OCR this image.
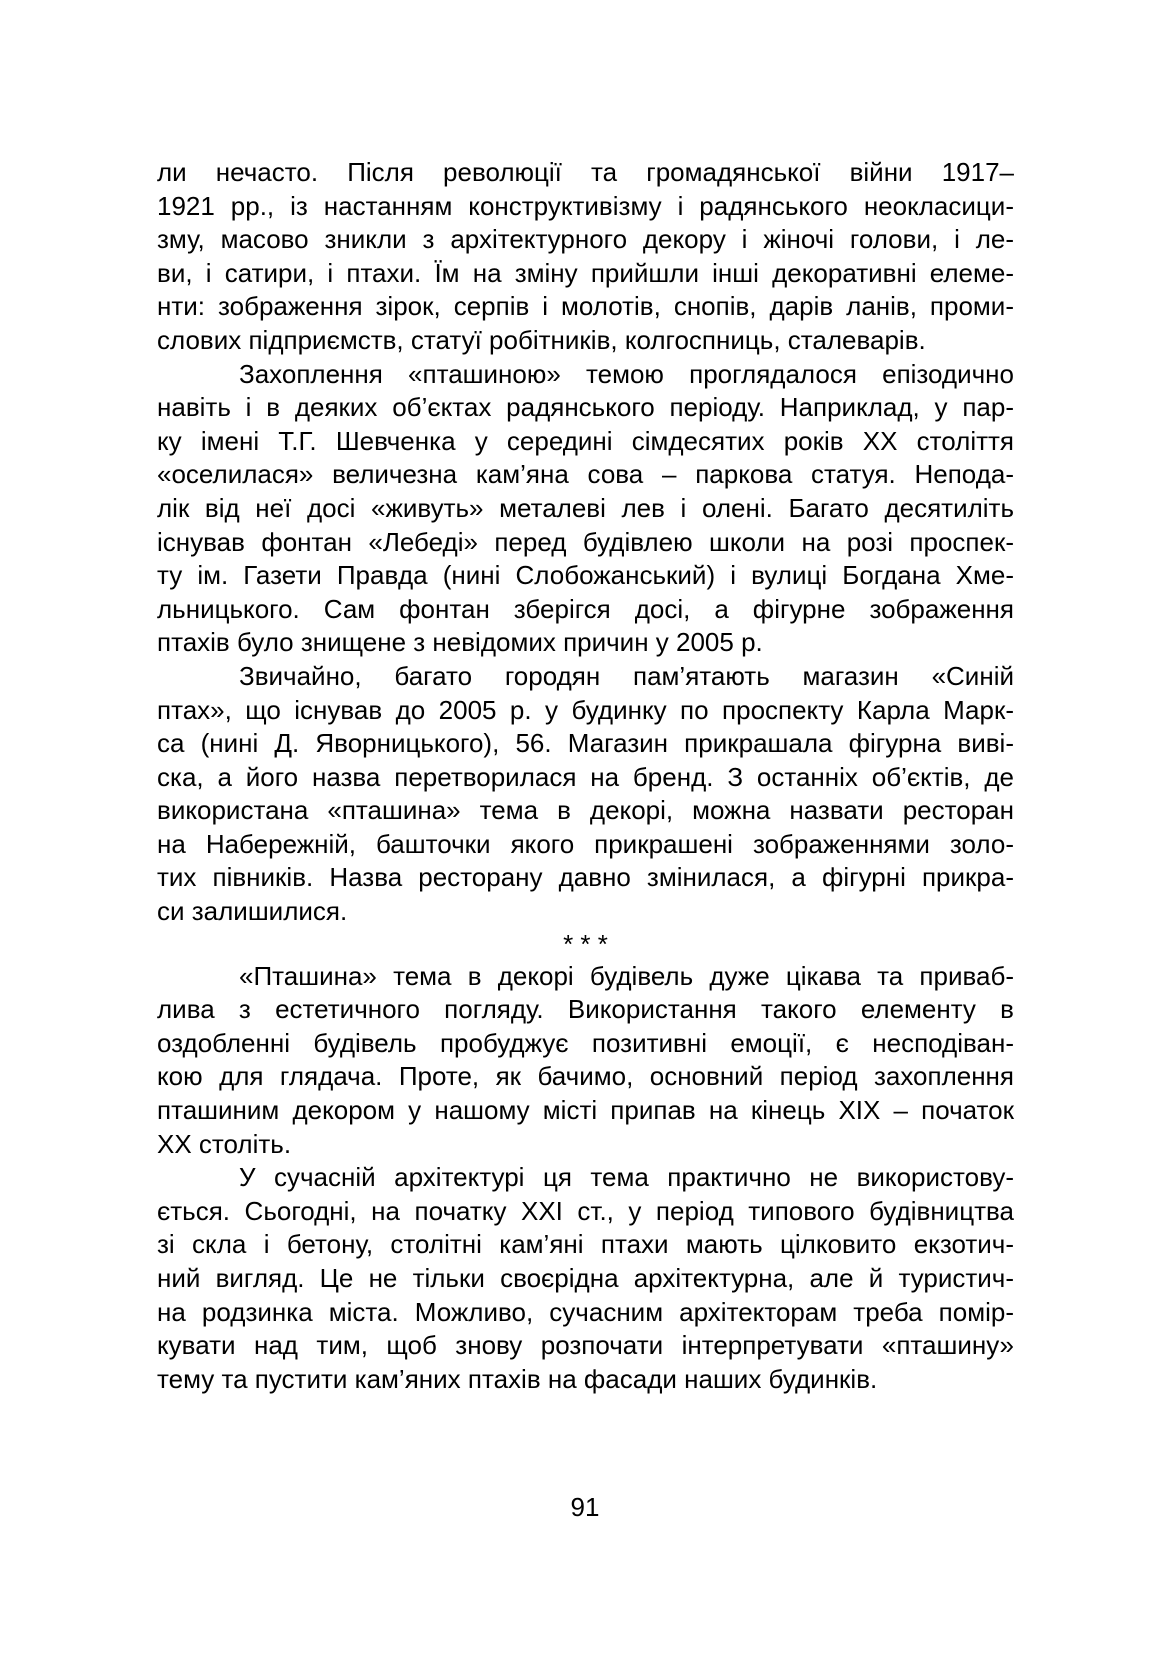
ли нечасто. Після революції та громадянської війни 1917–
1921 рр., із настанням конструктивізму і радянського неокласици-
зму, масово зникли з архітектурного декору і жіночі голови, і ле-
ви, і сатири, і птахи. Їм на зміну прийшли інші декоративні елеме-
нти: зображення зірок, серпів і молотів, снопів, дарів ланів, проми-
слових підприємств, статуї робітників, колгоспниць, сталеварів.
Захоплення «пташиною» темою проглядалося епізодично
навіть і в деяких об’єктах радянського періоду. Наприклад, у пар-
ку імені Т.Г. Шевченка у середині сімдесятих років ХХ століття
«оселилася» величезна кам’яна сова – паркова статуя. Неподa-
лік від неї досі «живуть» металеві лев і олені. Багато десятиліть
існував фонтан «Лебеді» перед будівлею школи на розі проспек-
ту ім. Газети Правда (нині Слобожанський) і вулиці Богдана Хме-
льницького. Сам фонтан зберігся досі, а фігурне зображення
птахів було знищене з невідомих причин у 2005 р.
Звичайно, багато городян пам’ятають магазин «Синій
птах», що існував до 2005 р. у будинку по проспекту Карла Марк-
са (нині Д. Яворницького), 56. Магазин прикрашала фігурна виві-
ска, а його назва перетворилася на бренд. З останніх об’єктів, де
використана «пташина» тема в декорі, можна назвати ресторан
на Набережній, башточки якого прикрашені зображеннями золо-
тих півників. Назва ресторану давно змінилася, а фігурні прикра-
си залишилися.
* * *
«Пташина» тема в декорі будівель дуже цікава та приваб-
лива з естетичного погляду. Використання такого елементу в
оздобленні будівель пробуджує позитивні емоції, є несподіван-
кою для глядача. Проте, як бачимо, основний період захоплення
пташиним декором у нашому місті припав на кінець ХІХ – початок
ХХ століть.
У сучасній архітектурі ця тема практично не використову-
ється. Сьогодні, на початку ХХІ ст., у період типового будівництва
зі скла і бетону, столітні кам’яні птахи мають цілковито екзотич-
ний вигляд. Це не тільки своєрідна архітектурна, але й туристич-
на родзинка міста. Можливо, сучасним архітекторам треба помір-
кувати над тим, щоб знову розпочати інтерпретувати «пташину»
тему та пустити кам’яних птахів на фасади наших будинків.
91
